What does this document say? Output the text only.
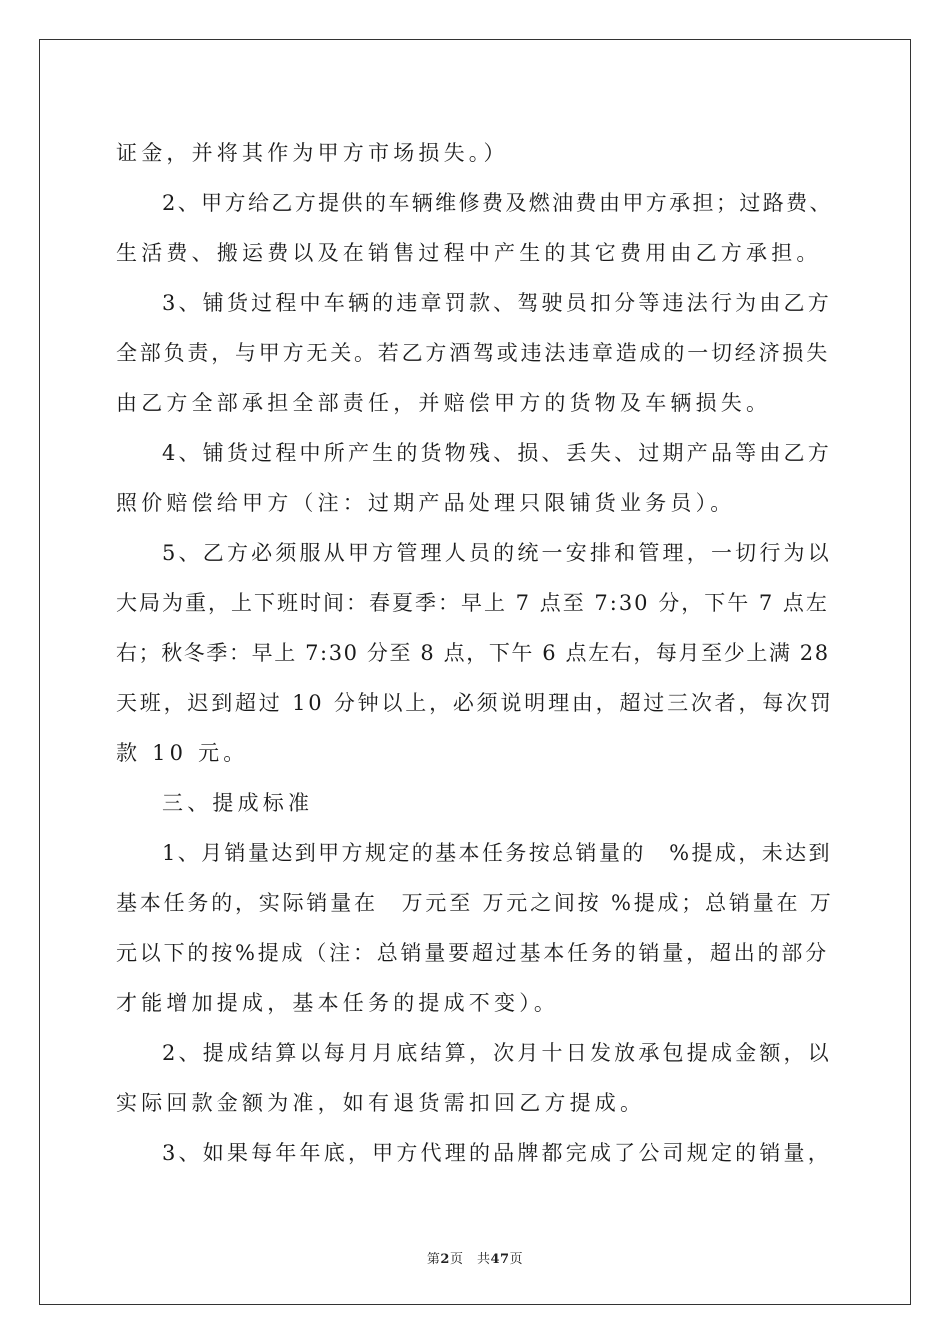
证金，并将其作为甲方市场损失。）
2、甲方给乙方提供的车辆维修费及燃油费由甲方承担；过路费、
生活费、搬运费以及在销售过程中产生的其它费用由乙方承担。
3、铺货过程中车辆的违章罚款、驾驶员扣分等违法行为由乙方
全部负责，与甲方无关。若乙方酒驾或违法违章造成的一切经济损失
由乙方全部承担全部责任，并赔偿甲方的货物及车辆损失。
4、铺货过程中所产生的货物残、损、丢失、过期产品等由乙方
照价赔偿给甲方（注：过期产品处理只限铺货业务员）。
5、乙方必须服从甲方管理人员的统一安排和管理，一切行为以
大局为重，上下班时间：春夏季：早上 7 点至 7:30 分，下午 7 点左
右；秋冬季：早上 7:30 分至 8 点，下午 6 点左右，每月至少上满 28
天班，迟到超过 10 分钟以上，必须说明理由，超过三次者，每次罚
款 10 元。
三、提成标准
1、月销量达到甲方规定的基本任务按总销量的　%提成，未达到
基本任务的，实际销量在　万元至 万元之间按 %提成；总销量在 万
元以下的按%提成（注：总销量要超过基本任务的销量，超出的部分
才能增加提成，基本任务的提成不变）。
2、提成结算以每月月底结算，次月十日发放承包提成金额，以
实际回款金额为准，如有退货需扣回乙方提成。
3、如果每年年底，甲方代理的品牌都完成了公司规定的销量，
第2页　共47页
